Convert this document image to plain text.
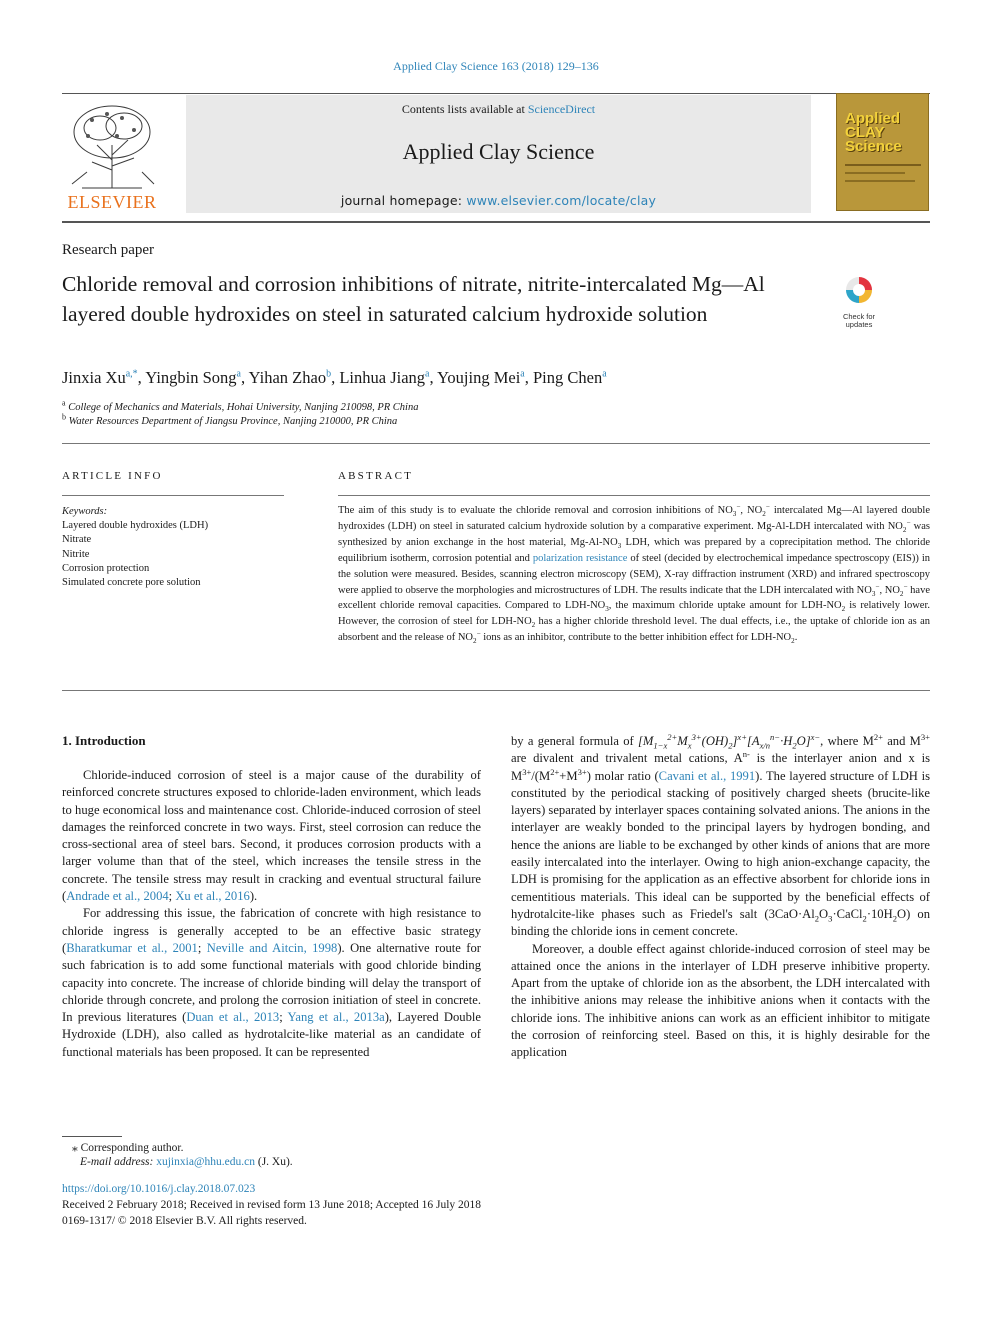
Applied Clay Science 163 (2018) 129–136
ELSEVIER
Contents lists available at ScienceDirect
Applied Clay Science
journal homepage: www.elsevier.com/locate/clay
Applied CLAY Science
Research paper
Chloride removal and corrosion inhibitions of nitrate, nitrite-intercalated Mg—Al layered double hydroxides on steel in saturated calcium hydroxide solution	Check for updates
Jinxia $Xu^{a,*}$, Yingbin Song$^a$, Yihan Zhao$^b$, Linhua Jiang$^a$, Youjing Mei$^a$, Ping Chen$^a$
$^a$ College of Mechanics and Materials, Hohai University, Nanjing 210098, PR China
$^b$ Water Resources Department of Jiangsu Province, Nanjing 210000, PR China
ARTICLE INFO
Keywords:
Layered double hydroxides (LDH)
Nitrate
Nitrite
Corrosion protection
Simulated concrete pore solution
ABSTRACT

The aim of this study is to evaluate the chloride removal and corrosion inhibitions of $NO_3^-$, $NO_2^-$ intercalated Mg—Al layered double hydroxides (LDH) on steel in saturated calcium hydroxide solution by a comparative experiment. Mg-Al-LDH intercalated with $NO_2^-$ was synthesized by anion exchange in the host material, $Mg-Al-NO_3$ LDH, which was prepared by a coprecipitation method. The chloride equilibrium isotherm, corrosion potential and polarization resistance of steel (decided by electrochemical impedance spectroscopy (EIS)) in the solution were measured. Besides, scanning electron microscopy (SEM), X-ray diffraction instrument (XRD) and infrared spectroscopy were applied to observe the morphologies and microstructures of LDH. The results indicate that the LDH intercalated with $NO_3^-$, $NO_2^-$ have excellent chloride removal capacities. Compared to LDH-$NO_3$, the maximum chloride uptake amount for LDH-$NO_2$ is relatively lower. However, the corrosion of steel for LDH-$NO_2$ has a higher chloride threshold level. The dual effects, i.e., the uptake of chloride ion as an absorbent and the release of $NO_2^-$ ions as an inhibitor, contribute to the better inhibition effect for LDH-$NO_2$.

1. Introduction

Chloride-induced corrosion of steel is a major cause of the durability of reinforced concrete structures exposed to chloride-laden environment, which leads to huge economical loss and maintenance cost. Chloride-induced corrosion of steel damages the reinforced concrete in two ways. First, steel corrosion can reduce the cross-sectional area of steel bars. Second, it produces corrosion products with a larger volume than that of the steel, which increases the tensile stress in the concrete. The tensile stress may result in cracking and eventual structural failure (Andrade et al., 2004; Xu et al., 2016).

For addressing this issue, the fabrication of concrete with high resistance to chloride ingress is generally accepted to be an effective basic strategy (Bharatkumar et al., 2001; Neville and Aitcin, 1998). One alternative route for such fabrication is to add some functional materials with good chloride binding capacity into concrete. The increase of chloride binding will delay the transport of chloride through concrete, and prolong the corrosion initiation of steel in concrete. In previous literatures (Duan et al., 2013; Yang et al., 2013a), Layered Double Hydroxide (LDH), also called as hydrotalcite-like material as an candidate of functional materials has been proposed. It can be represented

by a general formula of $[M_{1-x}^{2+}M_x^{3+}(OH)_2]^{x+}[A_{x/n}^{n-}\cdot H_2O]^{x-}$, where $M^{2+}$ and $M^{3+}$ are divalent and trivalent metal cations, $A^{n-}$ is the interlayer anion and x is $M^{3+}/(M^{2+}+M^{3+})$ molar ratio (Cavani et al., 1991). The layered structure of LDH is constituted by the periodical stacking of positively charged sheets (brucite-like layers) separated by interlayer spaces containing solvated anions. The anions in the interlayer are weakly bonded to the principal layers by hydrogen bonding, and hence the anions are liable to be exchanged by other kinds of anions that are more easily intercalated into the interlayer. Owing to high anion-exchange capacity, the LDH is promising for the application as an effective absorbent for chloride ions in cementitious materials. This ideal can be supported by the beneficial effects of hydrotalcite-like phases such as Friedel's salt $(3CaO\cdot Al_2O_3\cdot CaCl_2\cdot 10H_2O)$ on binding the chloride ions in cement concrete.

Moreover, a double effect against chloride-induced corrosion of steel may be attained once the anions in the interlayer of LDH preserve inhibitive property. Apart from the uptake of chloride ion as the absorbent, the LDH intercalated with the inhibitive anions may release the inhibitive anions when it contacts with the chloride ions. The inhibitive anions can work as an efficient inhibitor to mitigate the corrosion of reinforcing steel. Based on this, it is highly desirable for the application

⁎ Corresponding author.
E-mail address: xujinxia@hhu.edu.cn (J. Xu).
https://doi.org/10.1016/j.clay.2018.07.023
Received 2 February 2018; Received in revised form 13 June 2018; Accepted 16 July 2018
0169-1317/ © 2018 Elsevier B.V. All rights reserved.
